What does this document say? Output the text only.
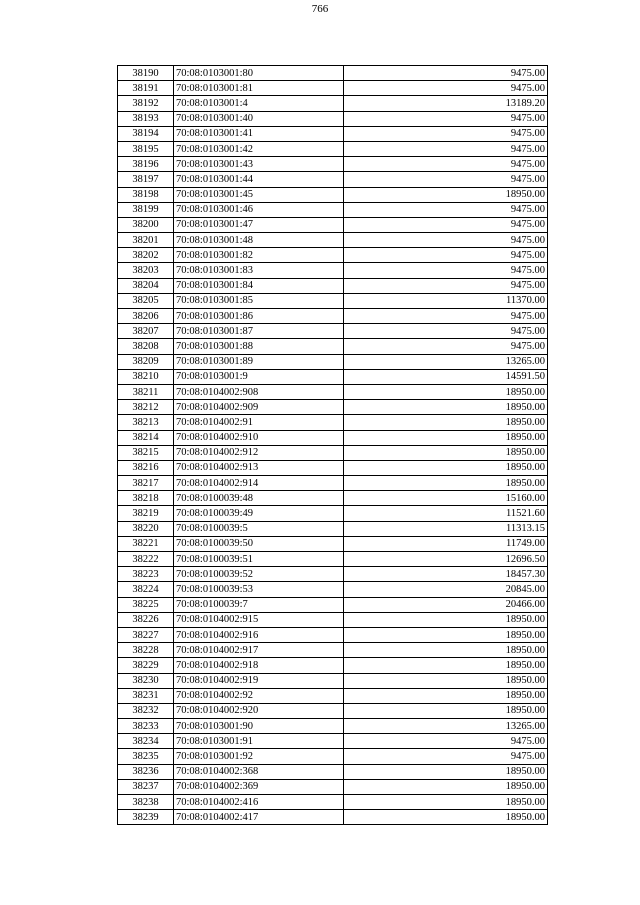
766
38190	70:08:0103001:80	9475.00
38191	70:08:0103001:81	9475.00
38192	70:08:0103001:4	13189.20
38193	70:08:0103001:40	9475.00
38194	70:08:0103001:41	9475.00
38195	70:08:0103001:42	9475.00
38196	70:08:0103001:43	9475.00
38197	70:08:0103001:44	9475.00
38198	70:08:0103001:45	18950.00
38199	70:08:0103001:46	9475.00
38200	70:08:0103001:47	9475.00
38201	70:08:0103001:48	9475.00
38202	70:08:0103001:82	9475.00
38203	70:08:0103001:83	9475.00
38204	70:08:0103001:84	9475.00
38205	70:08:0103001:85	11370.00
38206	70:08:0103001:86	9475.00
38207	70:08:0103001:87	9475.00
38208	70:08:0103001:88	9475.00
38209	70:08:0103001:89	13265.00
38210	70:08:0103001:9	14591.50
38211	70:08:0104002:908	18950.00
38212	70:08:0104002:909	18950.00
38213	70:08:0104002:91	18950.00
38214	70:08:0104002:910	18950.00
38215	70:08:0104002:912	18950.00
38216	70:08:0104002:913	18950.00
38217	70:08:0104002:914	18950.00
38218	70:08:0100039:48	15160.00
38219	70:08:0100039:49	11521.60
38220	70:08:0100039:5	11313.15
38221	70:08:0100039:50	11749.00
38222	70:08:0100039:51	12696.50
38223	70:08:0100039:52	18457.30
38224	70:08:0100039:53	20845.00
38225	70:08:0100039:7	20466.00
38226	70:08:0104002:915	18950.00
38227	70:08:0104002:916	18950.00
38228	70:08:0104002:917	18950.00
38229	70:08:0104002:918	18950.00
38230	70:08:0104002:919	18950.00
38231	70:08:0104002:92	18950.00
38232	70:08:0104002:920	18950.00
38233	70:08:0103001:90	13265.00
38234	70:08:0103001:91	9475.00
38235	70:08:0103001:92	9475.00
38236	70:08:0104002:368	18950.00
38237	70:08:0104002:369	18950.00
38238	70:08:0104002:416	18950.00
38239	70:08:0104002:417	18950.00
